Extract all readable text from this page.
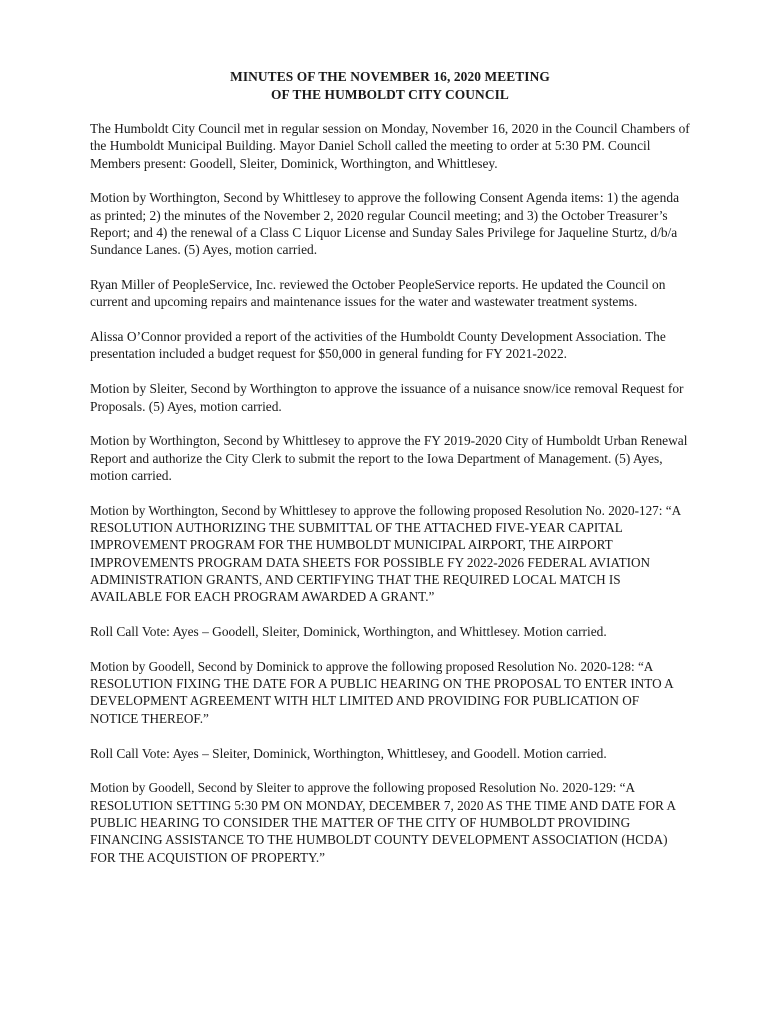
MINUTES OF THE NOVEMBER 16, 2020 MEETING
OF THE HUMBOLDT CITY COUNCIL

The Humboldt City Council met in regular session on Monday, November 16, 2020 in the Council Chambers of the Humboldt Municipal Building. Mayor Daniel Scholl called the meeting to order at 5:30 PM. Council Members present: Goodell, Sleiter, Dominick, Worthington, and Whittlesey.

Motion by Worthington, Second by Whittlesey to approve the following Consent Agenda items: 1) the agenda as printed; 2) the minutes of the November 2, 2020 regular Council meeting; and 3) the October Treasurer’s Report; and 4) the renewal of a Class C Liquor License and Sunday Sales Privilege for Jaqueline Sturtz, d/b/a Sundance Lanes. (5) Ayes, motion carried.

Ryan Miller of PeopleService, Inc. reviewed the October PeopleService reports. He updated the Council on current and upcoming repairs and maintenance issues for the water and wastewater treatment systems.

Alissa O’Connor provided a report of the activities of the Humboldt County Development Association. The presentation included a budget request for $50,000 in general funding for FY 2021-2022.

Motion by Sleiter, Second by Worthington to approve the issuance of a nuisance snow/ice removal Request for Proposals. (5) Ayes, motion carried.

Motion by Worthington, Second by Whittlesey to approve the FY 2019-2020 City of Humboldt Urban Renewal Report and authorize the City Clerk to submit the report to the Iowa Department of Management. (5) Ayes, motion carried.

Motion by Worthington, Second by Whittlesey to approve the following proposed Resolution No. 2020-127: “A RESOLUTION AUTHORIZING THE SUBMITTAL OF THE ATTACHED FIVE-YEAR CAPITAL IMPROVEMENT PROGRAM FOR THE HUMBOLDT MUNICIPAL AIRPORT, THE AIRPORT IMPROVEMENTS PROGRAM DATA SHEETS FOR POSSIBLE FY 2022-2026 FEDERAL AVIATION ADMINISTRATION GRANTS, AND CERTIFYING THAT THE REQUIRED LOCAL MATCH IS AVAILABLE FOR EACH PROGRAM AWARDED A GRANT.”

Roll Call Vote: Ayes – Goodell, Sleiter, Dominick, Worthington, and Whittlesey. Motion carried.

Motion by Goodell, Second by Dominick to approve the following proposed Resolution No. 2020-128: “A RESOLUTION FIXING THE DATE FOR A PUBLIC HEARING ON THE PROPOSAL TO ENTER INTO A DEVELOPMENT AGREEMENT WITH HLT LIMITED AND PROVIDING FOR PUBLICATION OF NOTICE THEREOF.”

Roll Call Vote: Ayes – Sleiter, Dominick, Worthington, Whittlesey, and Goodell. Motion carried.

Motion by Goodell, Second by Sleiter to approve the following proposed Resolution No. 2020-129: “A RESOLUTION SETTING 5:30 PM ON MONDAY, DECEMBER 7, 2020 AS THE TIME AND DATE FOR A PUBLIC HEARING TO CONSIDER THE MATTER OF THE CITY OF HUMBOLDT PROVIDING FINANCING ASSISTANCE TO THE HUMBOLDT COUNTY DEVELOPMENT ASSOCIATION (HCDA) FOR THE ACQUISTION OF PROPERTY.”
